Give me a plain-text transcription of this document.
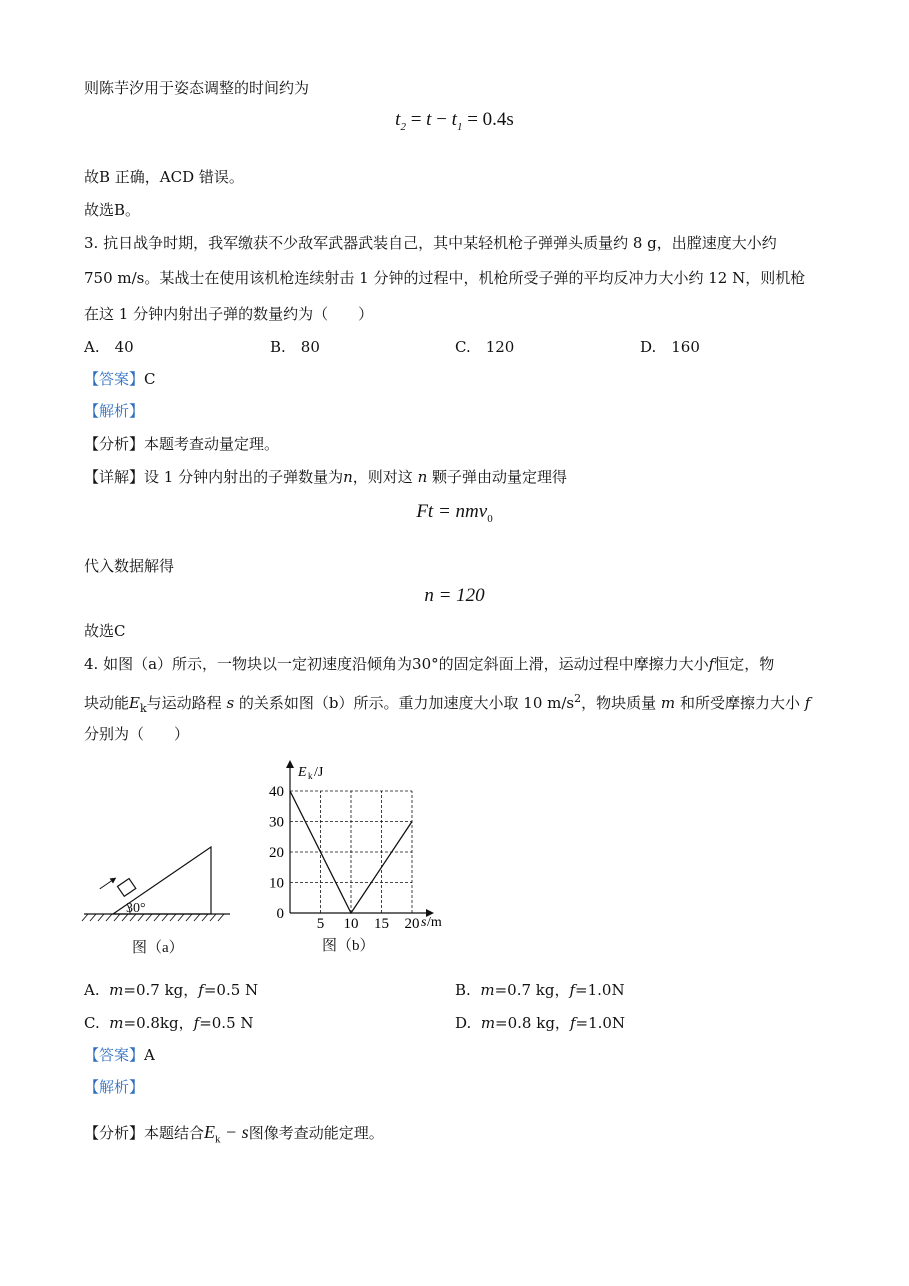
则陈芋汐用于姿态调整的时间约为
$t_2 = t - t_1 = 0.4s$
故B 正确，ACD 错误。
故选B。
3. 抗日战争时期，我军缴获不少敌军武器武装自己，其中某轻机枪子弹弹头质量约 8 g，出膛速度大小约
750 m/s。某战士在使用该机枪连续射击 1 分钟的过程中，机枪所受子弹的平均反冲力大小约 12 N，则机枪
在这 1 分钟内射出子弹的数量约为（　　）
A.　40	B.　80	C.　120	D.　160
【答案】C
【解析】
【分析】本题考查动量定理。
【详解】设 1 分钟内射出的子弹数量为n，则对这 n 颗子弹由动量定理得
Ft = nmv$_0$
代入数据解得
n = 120
故选C
4. 如图（a）所示，一物块以一定初速度沿倾角为30°的固定斜面上滑，运动过程中摩擦力大小f恒定，物
块动能$E_k$与运动路程 s 的关系如图（b）所示。重力加速度大小取 10 $m/s^2$，物块质量 m 和所受摩擦力大小 f
分别为（　　）
30°
图（a）
E k /J
s /m
0
10
20
30
40
5 10 15 20
图（b）
A. m=0.7 kg，f=0.5 N	B. m=0.7 kg，f=1.0N
C. m=0.8kg，f=0.5 N	D. m=0.8 kg，f=1.0N
【答案】A
【解析】
【分析】本题结合$E_k - s$图像考查动能定理。
